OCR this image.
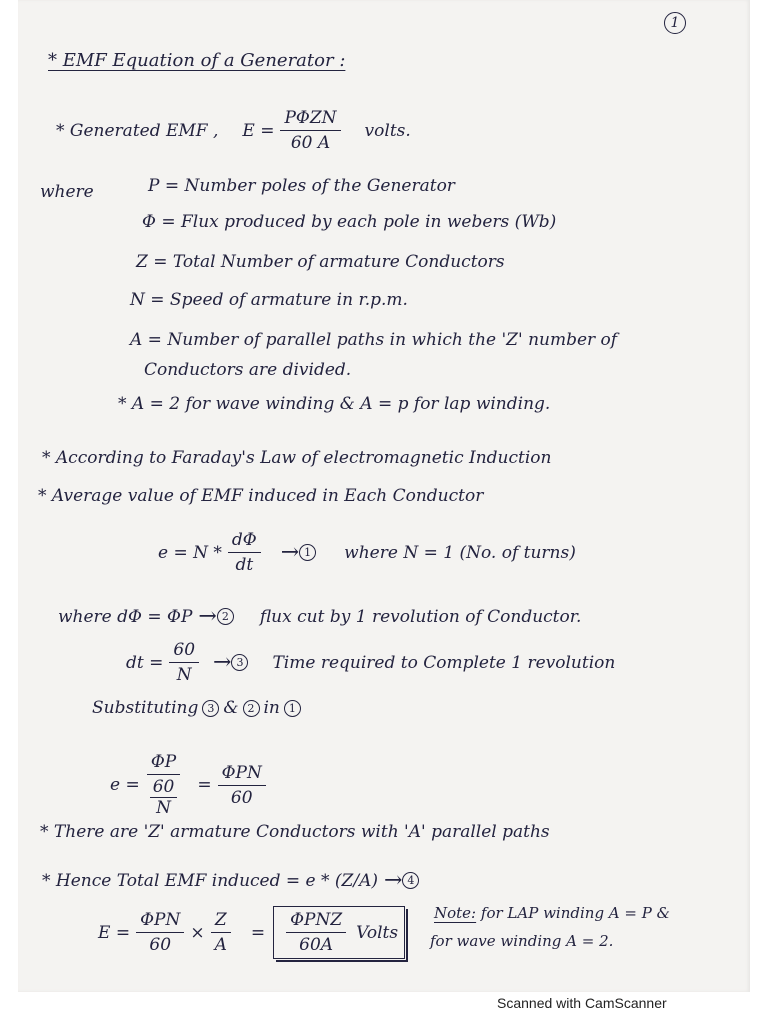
1
* EMF Equation of a Generator :
* Generated EMF , $E = \frac{\text{PΦZN}}{60 A}$ volts.
where	P = Number poles of the Generator
Φ = Flux produced by each pole in webers (Wb)
Z = Total Number of armature Conductors
N = Speed of armature in r.p.m.
A = Number of parallel paths in which the 'Z' number of
Conductors are divided.
* A = 2 for wave winding & A = p for lap winding.
* According to Faraday's Law of electromagnetic Induction
* Average value of EMF induced in Each Conductor
$e = N * \frac{d\Phi}{dt} \to 1$ where N = 1 (No. of turns)
where dΦ = ΦP → 2 flux cut by 1 revolution of Conductor.
dt = $\frac{60}{N} \to 3$ Time required to Complete 1 revolution
Substituting 3 & 2 in 1
$e = \frac{\Phi P}{\frac{60}{N}} = \frac{\text{ΦPN}}{60}$
* There are 'Z' armature Conductors with 'A' parallel paths
* Hence Total EMF induced = e * (Z/A) → 4
$E = \frac{\text{ΦPN}}{60} \times \frac{Z}{A} = \frac{\text{ΦPNZ}}{60A}$ Volts
Note: for LAP winding A = P &
for wave winding A = 2.
Scanned with CamScanner
